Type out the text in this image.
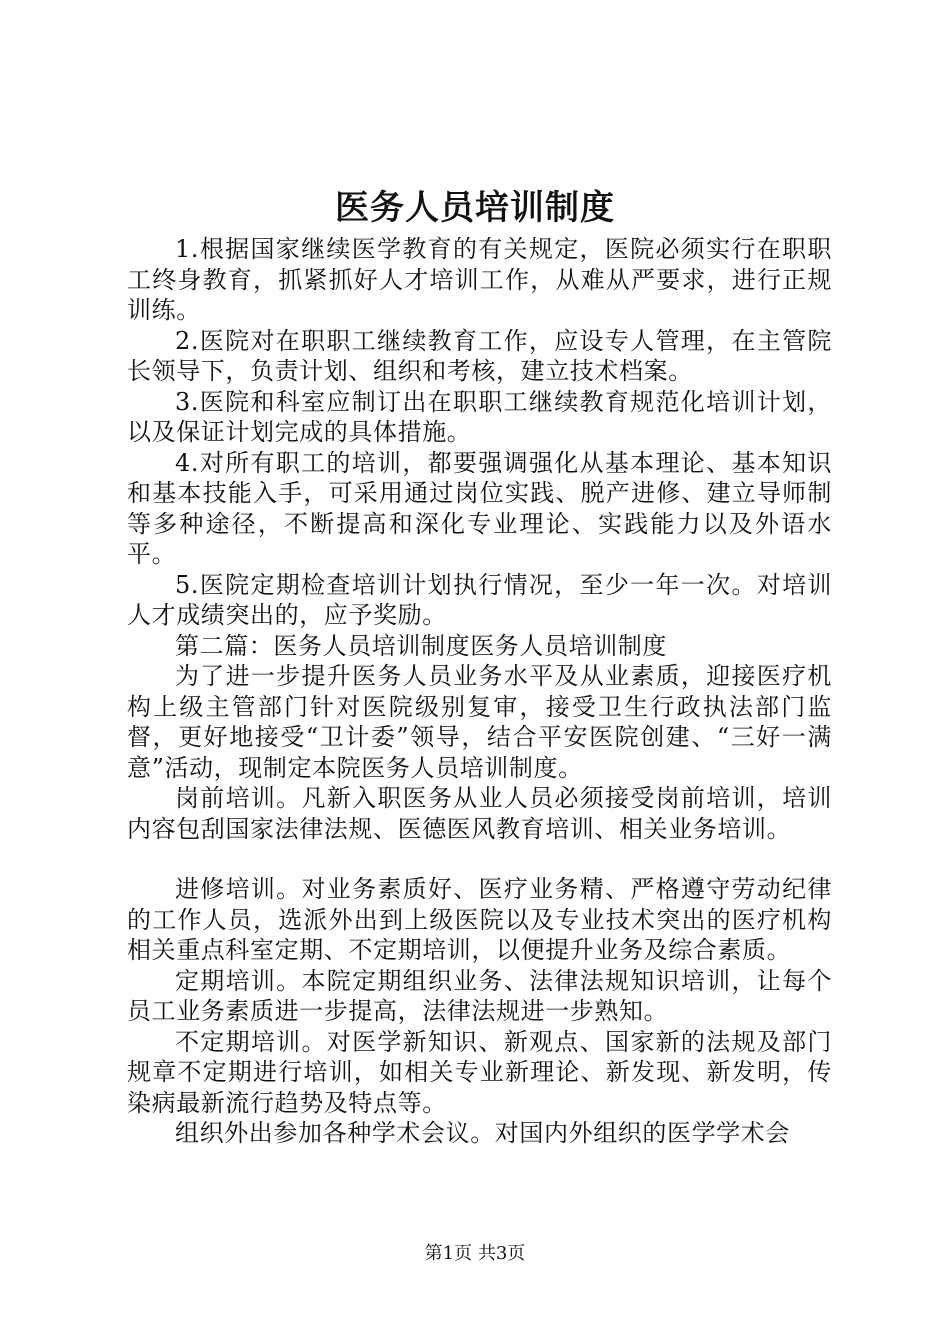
医务人员培训制度

1.根据国家继续医学教育的有关规定，医院必须实行在职职工终身教育，抓紧抓好人才培训工作，从难从严要求，进行正规训练。

2.医院对在职职工继续教育工作，应设专人管理，在主管院长领导下，负责计划、组织和考核，建立技术档案。

3.医院和科室应制订出在职职工继续教育规范化培训计划，以及保证计划完成的具体措施。

4.对所有职工的培训，都要强调强化从基本理论、基本知识和基本技能入手，可采用通过岗位实践、脱产进修、建立导师制等多种途径，不断提高和深化专业理论、实践能力以及外语水平。

5.医院定期检查培训计划执行情况，至少一年一次。对培训人才成绩突出的，应予奖励。

第二篇：医务人员培训制度医务人员培训制度

为了进一步提升医务人员业务水平及从业素质，迎接医疗机构上级主管部门针对医院级别复审，接受卫生行政执法部门监督，更好地接受“卫计委”领导，结合平安医院创建、“三好一满意”活动，现制定本院医务人员培训制度。

岗前培训。凡新入职医务从业人员必须接受岗前培训，培训内容包刮国家法律法规、医德医风教育培训、相关业务培训。

进修培训。对业务素质好、医疗业务精、严格遵守劳动纪律的工作人员，选派外出到上级医院以及专业技术突出的医疗机构相关重点科室定期、不定期培训，以便提升业务及综合素质。

定期培训。本院定期组织业务、法律法规知识培训，让每个员工业务素质进一步提高，法律法规进一步熟知。

不定期培训。对医学新知识、新观点、国家新的法规及部门规章不定期进行培训，如相关专业新理论、新发现、新发明，传染病最新流行趋势及特点等。

组织外出参加各种学术会议。对国内外组织的医学学术会

第1页 共3页
